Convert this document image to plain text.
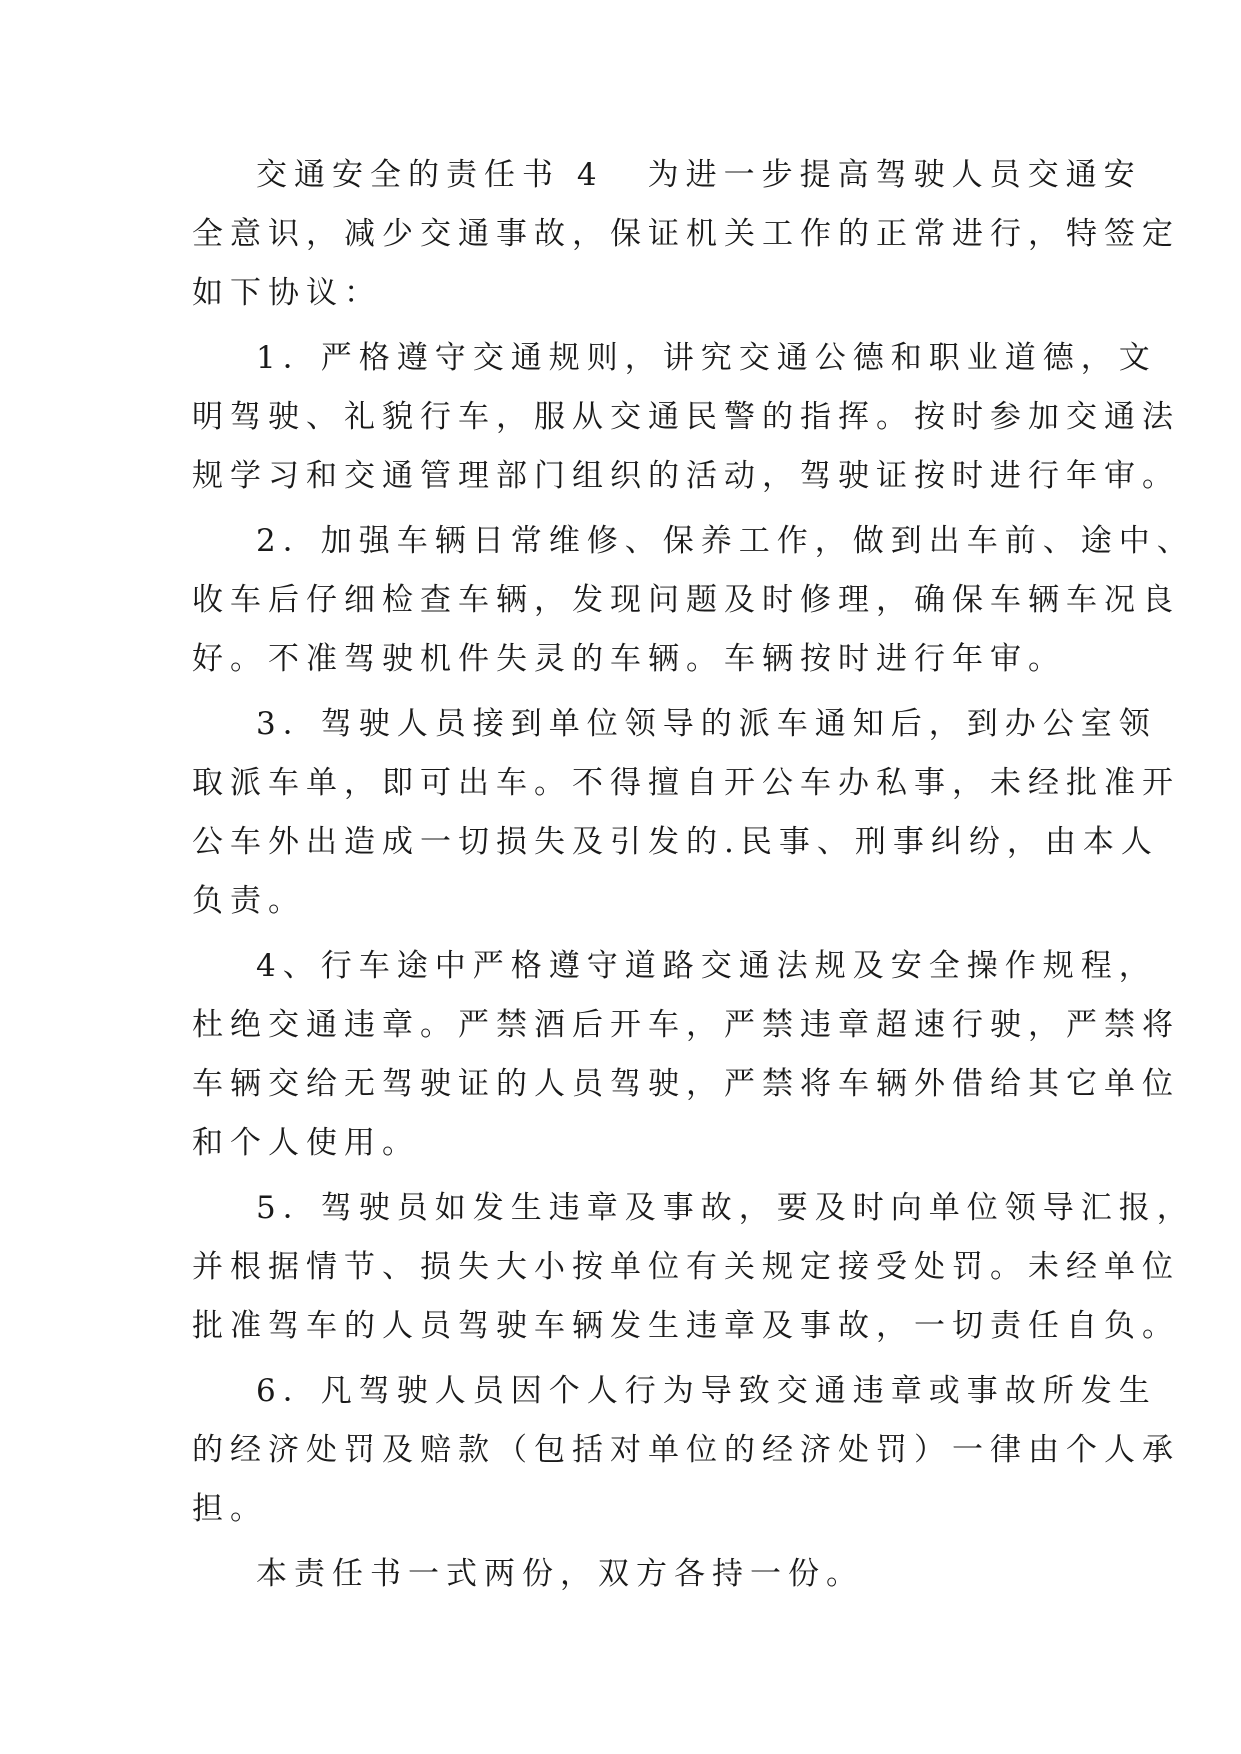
交通安全的责任书 4 为进一步提高驾驶人员交通安
全意识，减少交通事故，保证机关工作的正常进行，特签定
如下协议：
1．严格遵守交通规则，讲究交通公德和职业道德，文
明驾驶、礼貌行车，服从交通民警的指挥。按时参加交通法
规学习和交通管理部门组织的活动，驾驶证按时进行年审。
2．加强车辆日常维修、保养工作，做到出车前、途中、
收车后仔细检查车辆，发现问题及时修理，确保车辆车况良
好。不准驾驶机件失灵的车辆。车辆按时进行年审。
3．驾驶人员接到单位领导的派车通知后，到办公室领
取派车单，即可出车。不得擅自开公车办私事，未经批准开
公车外出造成一切损失及引发的.民事、刑事纠纷，由本人
负责。
4、行车途中严格遵守道路交通法规及安全操作规程，
杜绝交通违章。严禁酒后开车，严禁违章超速行驶，严禁将
车辆交给无驾驶证的人员驾驶，严禁将车辆外借给其它单位
和个人使用。
5．驾驶员如发生违章及事故，要及时向单位领导汇报，
并根据情节、损失大小按单位有关规定接受处罚。未经单位
批准驾车的人员驾驶车辆发生违章及事故，一切责任自负。
6．凡驾驶人员因个人行为导致交通违章或事故所发生
的经济处罚及赔款（包括对单位的经济处罚）一律由个人承
担。
本责任书一式两份，双方各持一份。
